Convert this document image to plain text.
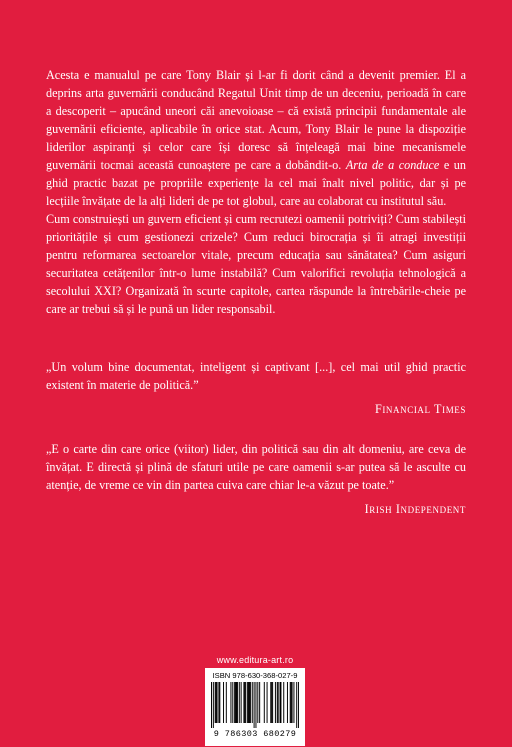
Acesta e manualul pe care Tony Blair și l-ar fi dorit când a devenit premier. El a deprins arta guvernării conducând Regatul Unit timp de un deceniu, perioadă în care a descoperit – apucând uneori căi anevoioase – că există principii fundamentale ale guvernării eficiente, aplicabile în orice stat. Acum, Tony Blair le pune la dispoziție liderilor aspiranți și celor care își doresc să înțeleagă mai bine mecanismele guvernării tocmai această cunoaștere pe care a dobândit-o. Arta de a conduce e un ghid practic bazat pe propriile experiențe la cel mai înalt nivel politic, dar și pe lecțiile învățate de la alți lideri de pe tot globul, care au colaborat cu institutul său.

Cum construiești un guvern eficient și cum recrutezi oamenii potriviți? Cum stabilești prioritățile și cum gestionezi crizele? Cum reduci birocrația și îi atragi investiții pentru reformarea sectoarelor vitale, precum educația sau sănătatea? Cum asiguri securitatea cetățenilor într-o lume instabilă? Cum valorifici revoluția tehnologică a secolului XXI? Organizată în scurte capitole, cartea răspunde la întrebările-cheie pe care ar trebui să și le pună un lider responsabil.

„Un volum bine documentat, inteligent și captivant [...], cel mai util ghid practic existent în materie de politică.”

Financial Times

„E o carte din care orice (viitor) lider, din politică sau din alt domeniu, are ceva de învățat. E directă și plină de sfaturi utile pe care oamenii s-ar putea să le asculte cu atenție, de vreme ce vin din partea cuiva care chiar le-a văzut pe toate.”

Irish Independent
www.editura-art.ro
ISBN 978-630-368-027-9
9 786303 680279
